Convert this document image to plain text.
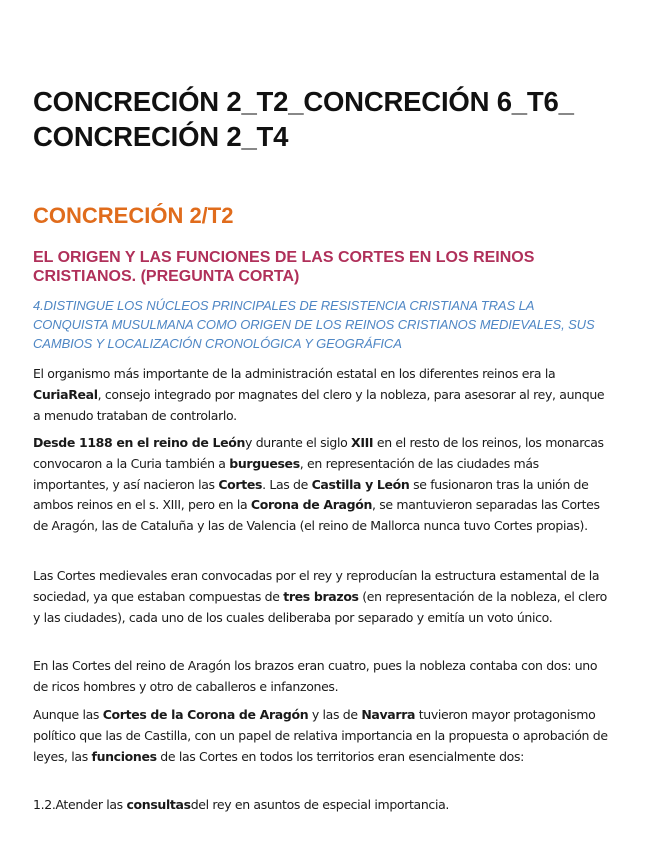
CONCRECIÓN 2_T2_CONCRECIÓN 6_T6_ CONCRECIÓN 2_T4
CONCRECIÓN 2/T2
EL ORIGEN Y LAS FUNCIONES DE LAS CORTES EN LOS REINOS CRISTIANOS. (PREGUNTA CORTA)

4.DISTINGUE LOS NÚCLEOS PRINCIPALES DE RESISTENCIA CRISTIANA TRAS LA CONQUISTA MUSULMANA COMO ORIGEN DE LOS REINOS CRISTIANOS MEDIEVALES, SUS CAMBIOS Y LOCALIZACIÓN CRONOLÓGICA Y GEOGRÁFICA

El organismo más importante de la administración estatal en los diferentes reinos era la CuriaReal, consejo integrado por magnates del clero y la nobleza, para asesorar al rey, aunque a menudo trataban de controlarlo.

Desde 1188 en el reino de Leóny durante el siglo XIII en el resto de los reinos, los monarcas convocaron a la Curia también a burgueses, en representación de las ciudades más importantes, y así nacieron las Cortes. Las de Castilla y León se fusionaron tras la unión de ambos reinos en el s. XIII, pero en la Corona de Aragón, se mantuvieron separadas las Cortes de Aragón, las de Cataluña y las de Valencia (el reino de Mallorca nunca tuvo Cortes propias).

Las Cortes medievales eran convocadas por el rey y reproducían la estructura estamental de la sociedad, ya que estaban compuestas de tres brazos (en representación de la nobleza, el clero y las ciudades), cada uno de los cuales deliberaba por separado y emitía un voto único.

En las Cortes del reino de Aragón los brazos eran cuatro, pues la nobleza contaba con dos: uno de ricos hombres y otro de caballeros e infanzones.

Aunque las Cortes de la Corona de Aragón y las de Navarra tuvieron mayor protagonismo político que las de Castilla, con un papel de relativa importancia en la propuesta o aprobación de leyes, las funciones de las Cortes en todos los territorios eran esencialmente dos:

1.2.Atender las consultasdel rey en asuntos de especial importancia.
